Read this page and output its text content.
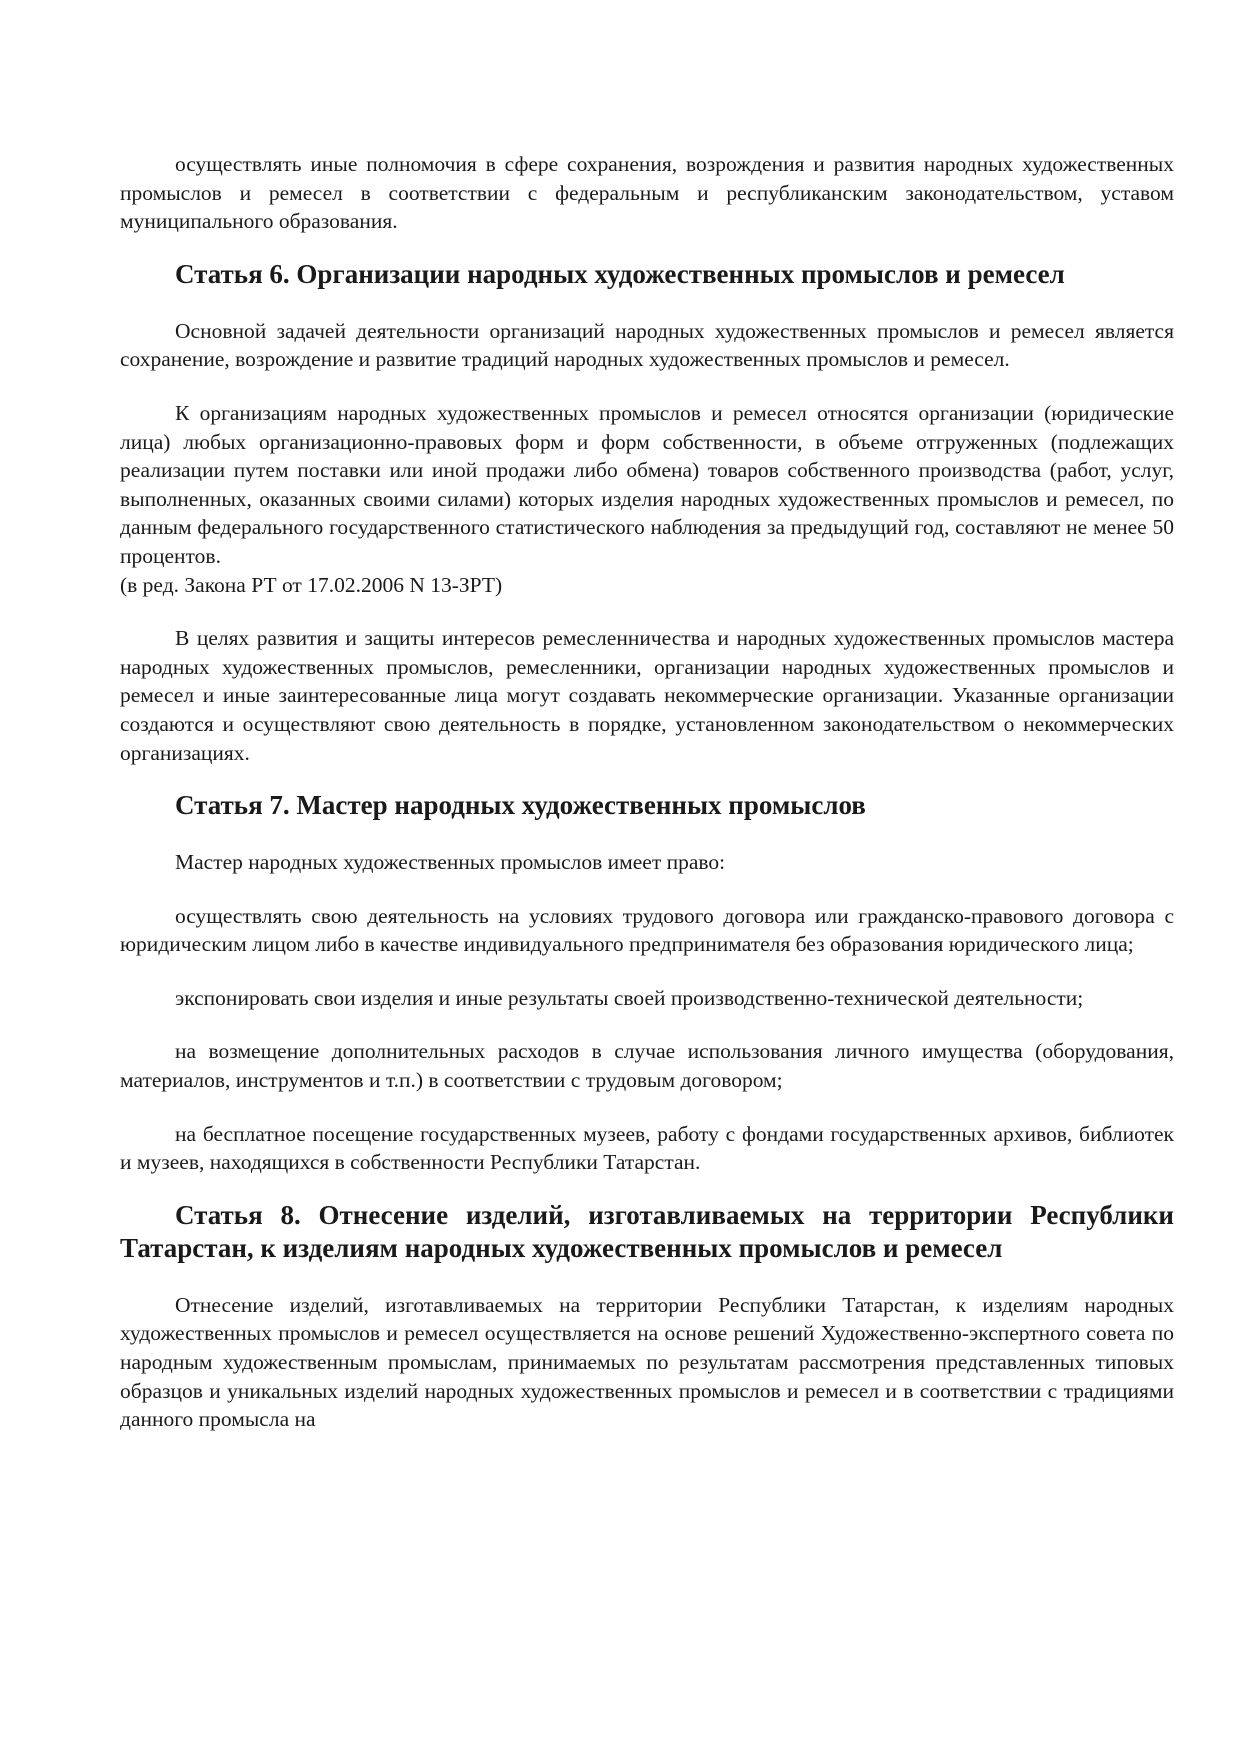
осуществлять иные полномочия в сфере сохранения, возрождения и развития народных художественных промыслов и ремесел в соответствии с федеральным и республиканским законодательством, уставом муниципального образования.

Статья 6. Организации народных художественных промыслов и ремесел

Основной задачей деятельности организаций народных художественных промыслов и ремесел является сохранение, возрождение и развитие традиций народных художественных промыслов и ремесел.

К организациям народных художественных промыслов и ремесел относятся организации (юридические лица) любых организационно-правовых форм и форм собственности, в объеме отгруженных (подлежащих реализации путем поставки или иной продажи либо обмена) товаров собственного производства (работ, услуг, выполненных, оказанных своими силами) которых изделия народных художественных промыслов и ремесел, по данным федерального государственного статистического наблюдения за предыдущий год, составляют не менее 50 процентов.

(в ред. Закона РТ от 17.02.2006 N 13-ЗРТ)

В целях развития и защиты интересов ремесленничества и народных художественных промыслов мастера народных художественных промыслов, ремесленники, организации народных художественных промыслов и ремесел и иные заинтересованные лица могут создавать некоммерческие организации. Указанные организации создаются и осуществляют свою деятельность в порядке, установленном законодательством о некоммерческих организациях.

Статья 7. Мастер народных художественных промыслов

Мастер народных художественных промыслов имеет право:

осуществлять свою деятельность на условиях трудового договора или гражданско-правового договора с юридическим лицом либо в качестве индивидуального предпринимателя без образования юридического лица;

экспонировать свои изделия и иные результаты своей производственно-технической деятельности;

на возмещение дополнительных расходов в случае использования личного имущества (оборудования, материалов, инструментов и т.п.) в соответствии с трудовым договором;

на бесплатное посещение государственных музеев, работу с фондами государственных архивов, библиотек и музеев, находящихся в собственности Республики Татарстан.

Статья 8. Отнесение изделий, изготавливаемых на территории Республики Татарстан, к изделиям народных художественных промыслов и ремесел

Отнесение изделий, изготавливаемых на территории Республики Татарстан, к изделиям народных художественных промыслов и ремесел осуществляется на основе решений Художественно-экспертного совета по народным художественным промыслам, принимаемых по результатам рассмотрения представленных типовых образцов и уникальных изделий народных художественных промыслов и ремесел и в соответствии с традициями данного промысла на
